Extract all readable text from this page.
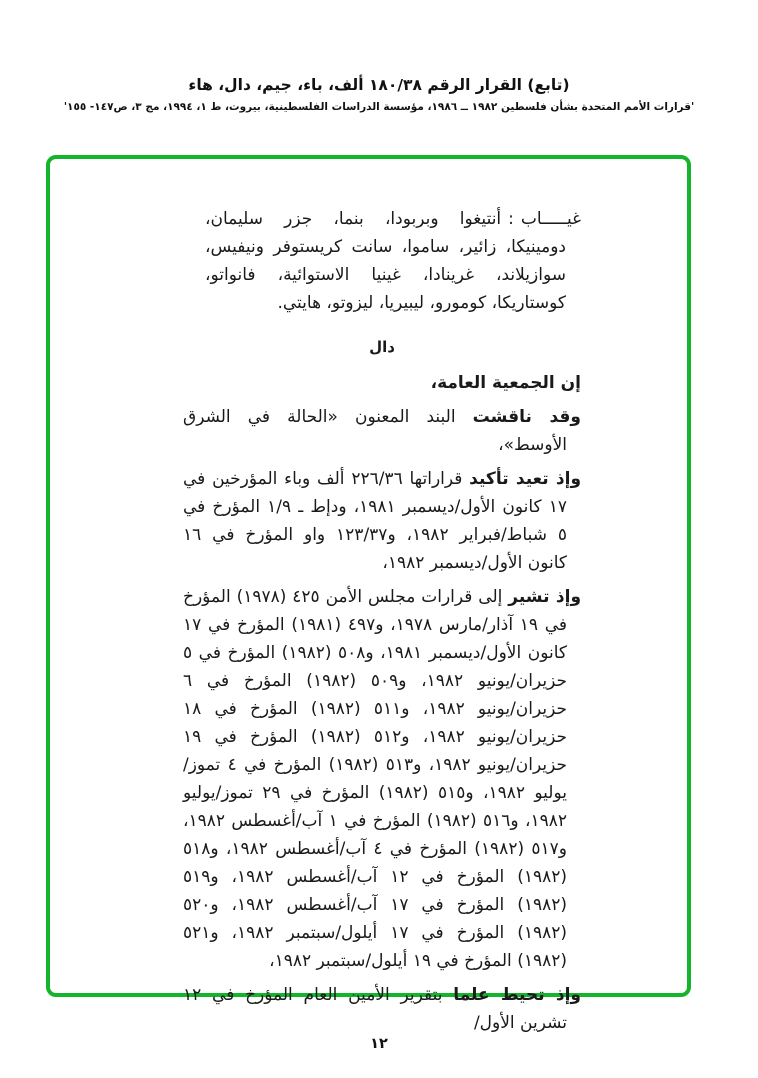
(تابع) القرار الرقم ١٨٠/٣٨ ألف، باء، جيم، دال، هاء
'قرارات الأمم المتحدة بشأن فلسطين ١٩٨٢ ــ ١٩٨٦، مؤسسة الدراسات الفلسطينية، بيروت، ط ١، ١٩٩٤، مج ٣، ص١٤٧- ١٥٥'

غيـــــاب:أنتيغوا وبربودا، بنما، جزر سليمان، دومينيكا، زائير، ساموا، سانت كريستوفر ونيفيس، سوازيلاند، غرينادا، غينيا الاستوائية، فانواتو، كوستاريكا، كومورو، ليبيريا، ليزوتو، هايتي.

دال

إن الجمعية العامة،

وقد ناقشت البند المعنون «الحالة في الشرق الأوسط»،

وإذ تعيد تأكيد قراراتها ٢٢٦/٣٦ ألف وباء المؤرخين في ١٧ كانون الأول/ديسمبر ١٩٨١، ودإط ـ ١/٩ المؤرخ في ٥ شباط/فبراير ١٩٨٢، و١٢٣/٣٧ واو المؤرخ في ١٦ كانون الأول/ديسمبر ١٩٨٢،

وإذ تشير إلى قرارات مجلس الأمن ٤٢٥ (١٩٧٨) المؤرخ في ١٩ آذار/مارس ١٩٧٨، و٤٩٧ (١٩٨١) المؤرخ في ١٧ كانون الأول/ديسمبر ١٩٨١، و٥٠٨ (١٩٨٢) المؤرخ في ٥ حزيران/يونيو ١٩٨٢، و٥٠٩ (١٩٨٢) المؤرخ في ٦ حزيران/يونيو ١٩٨٢، و٥١١ (١٩٨٢) المؤرخ في ١٨ حزيران/يونيو ١٩٨٢، و٥١٢ (١٩٨٢) المؤرخ في ١٩ حزيران/يونيو ١٩٨٢، و٥١٣ (١٩٨٢) المؤرخ في ٤ تموز/يوليو ١٩٨٢، و٥١٥ (١٩٨٢) المؤرخ في ٢٩ تموز/يوليو ١٩٨٢، و٥١٦ (١٩٨٢) المؤرخ في ١ آب/أغسطس ١٩٨٢، و٥١٧ (١٩٨٢) المؤرخ في ٤ آب/أغسطس ١٩٨٢، و٥١٨ (١٩٨٢) المؤرخ في ١٢ آب/أغسطس ١٩٨٢، و٥١٩ (١٩٨٢) المؤرخ في ١٧ آب/أغسطس ١٩٨٢، و٥٢٠ (١٩٨٢) المؤرخ في ١٧ أيلول/سبتمبر ١٩٨٢، و٥٢١ (١٩٨٢) المؤرخ في ١٩ أيلول/سبتمبر ١٩٨٢،

وإذ تحيط علما بتقرير الأمين العام المؤرخ في ١٢ تشرين الأول/

١٢
